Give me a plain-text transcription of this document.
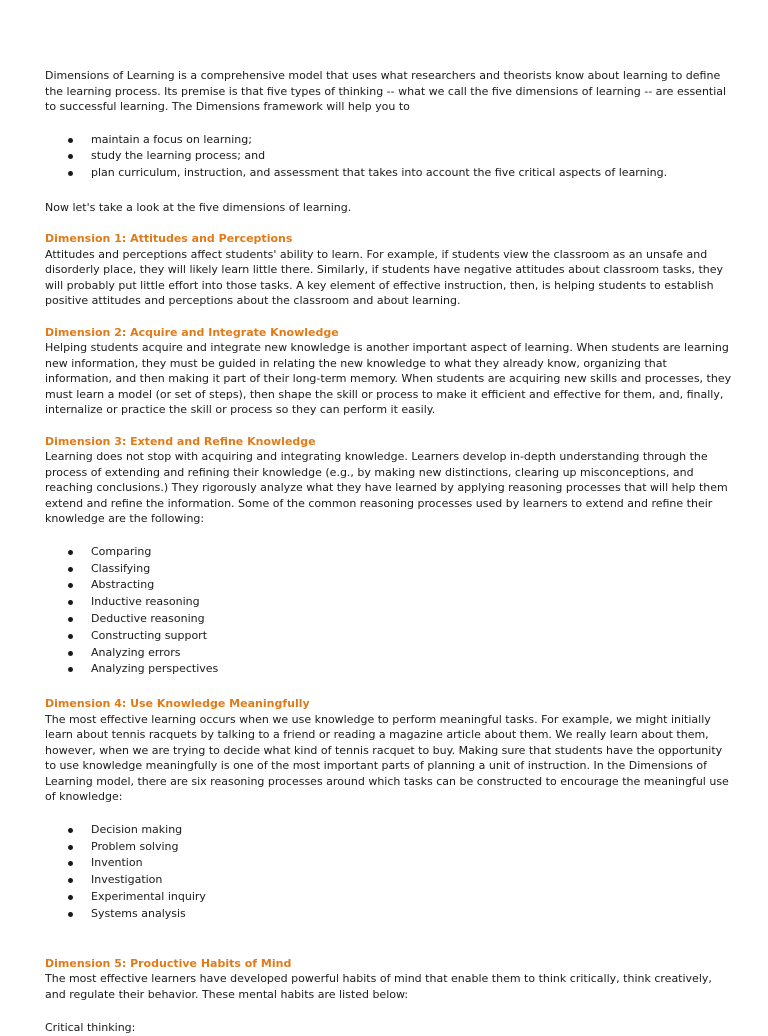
Dimensions of Learning is a comprehensive model that uses what researchers and theorists know about learning to define the learning process. Its premise is that five types of thinking -- what we call the five dimensions of learning -- are essential to successful learning. The Dimensions framework will help you to

maintain a focus on learning;
study the learning process; and
plan curriculum, instruction, and assessment that takes into account the five critical aspects of learning.

Now let's take a look at the five dimensions of learning.

Dimension 1: Attitudes and Perceptions

Attitudes and perceptions affect students' ability to learn. For example, if students view the classroom as an unsafe and disorderly place, they will likely learn little there. Similarly, if students have negative attitudes about classroom tasks, they will probably put little effort into those tasks. A key element of effective instruction, then, is helping students to establish positive attitudes and perceptions about the classroom and about learning.

Dimension 2: Acquire and Integrate Knowledge

Helping students acquire and integrate new knowledge is another important aspect of learning. When students are learning new information, they must be guided in relating the new knowledge to what they already know, organizing that information, and then making it part of their long-term memory. When students are acquiring new skills and processes, they must learn a model (or set of steps), then shape the skill or process to make it efficient and effective for them, and, finally, internalize or practice the skill or process so they can perform it easily.

Dimension 3: Extend and Refine Knowledge

Learning does not stop with acquiring and integrating knowledge. Learners develop in-depth understanding through the process of extending and refining their knowledge (e.g., by making new distinctions, clearing up misconceptions, and reaching conclusions.) They rigorously analyze what they have learned by applying reasoning processes that will help them extend and refine the information. Some of the common reasoning processes used by learners to extend and refine their knowledge are the following:

Comparing
Classifying
Abstracting
Inductive reasoning
Deductive reasoning
Constructing support
Analyzing errors
Analyzing perspectives
Dimension 4: Use Knowledge Meaningfully

The most effective learning occurs when we use knowledge to perform meaningful tasks. For example, we might initially learn about tennis racquets by talking to a friend or reading a magazine article about them. We really learn about them, however, when we are trying to decide what kind of tennis racquet to buy. Making sure that students have the opportunity to use knowledge meaningfully is one of the most important parts of planning a unit of instruction. In the Dimensions of Learning model, there are six reasoning processes around which tasks can be constructed to encourage the meaningful use of knowledge:

Decision making
Problem solving
Invention
Investigation
Experimental inquiry
Systems analysis
Dimension 5: Productive Habits of Mind

The most effective learners have developed powerful habits of mind that enable them to think critically, think creatively, and regulate their behavior. These mental habits are listed below:

Critical thinking:
